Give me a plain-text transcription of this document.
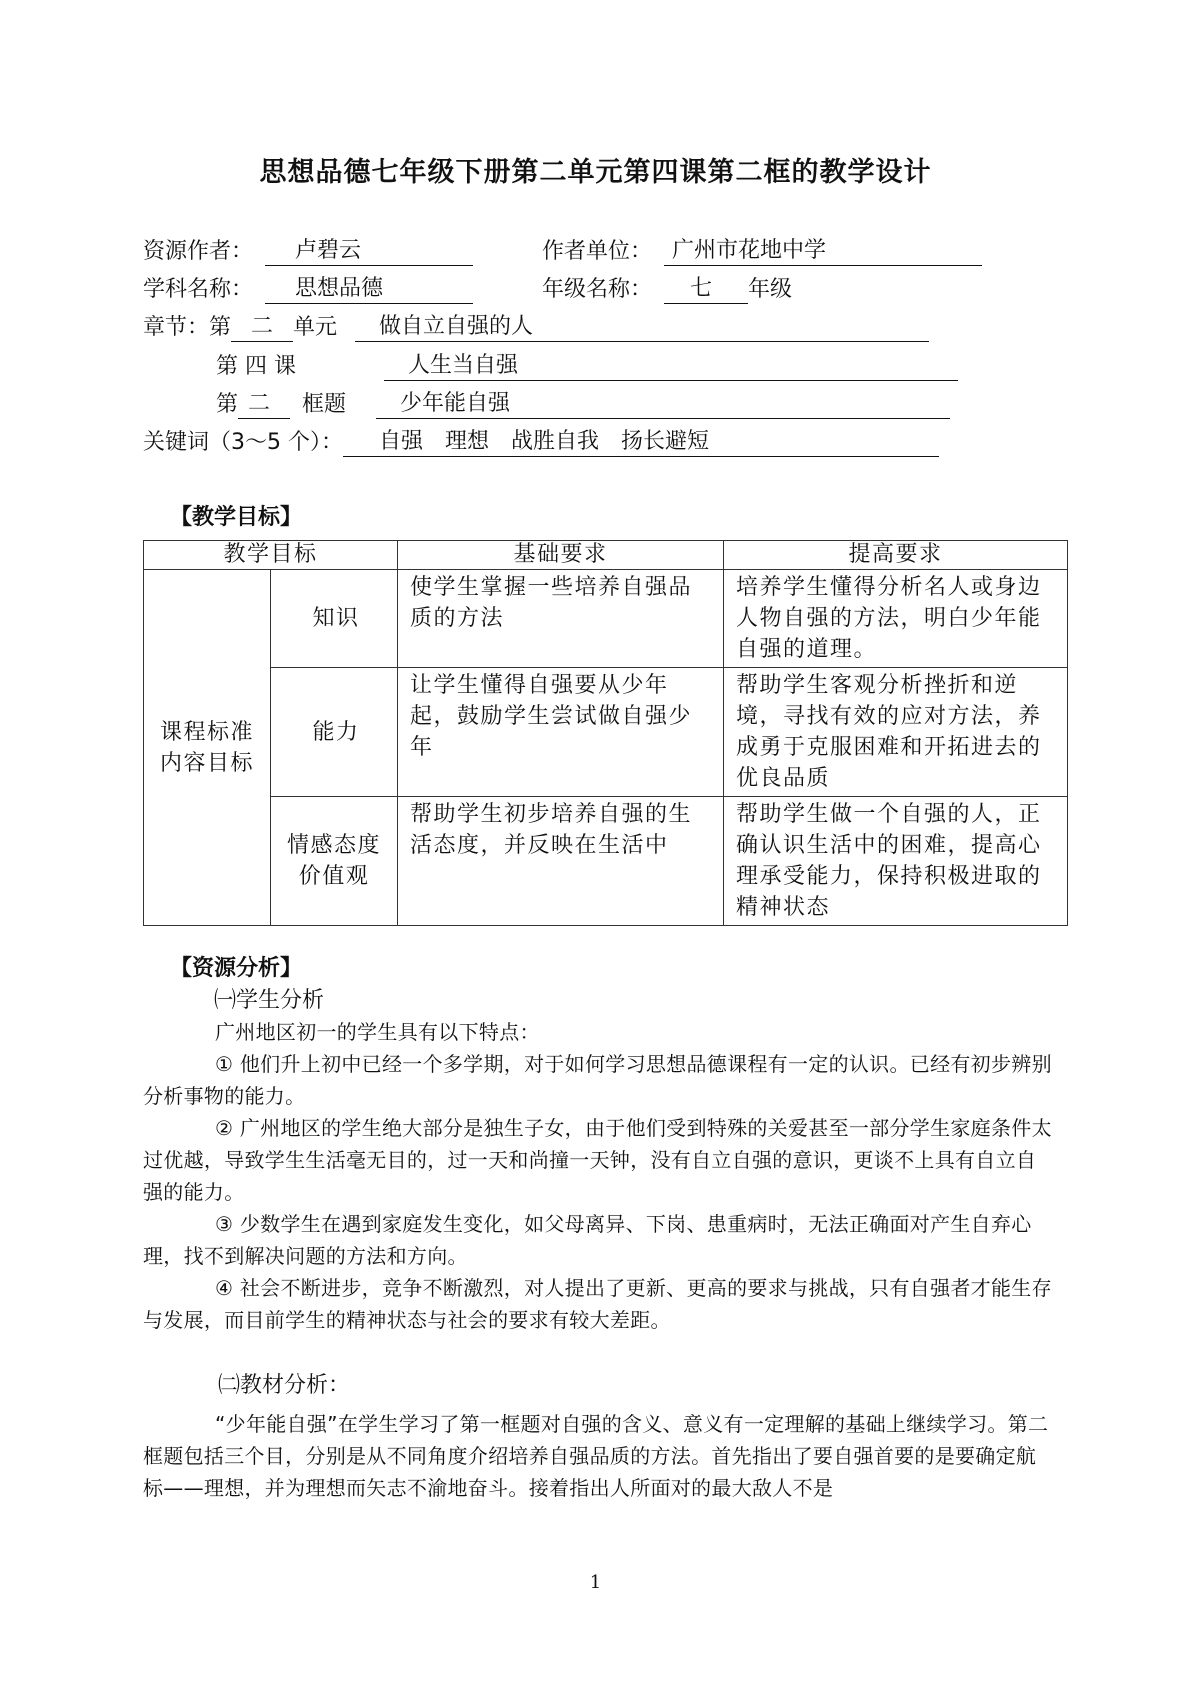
思想品德七年级下册第二单元第四课第二框的教学设计
资源作者： 卢碧云	作者单位： 广州市花地中学
学科名称： 思想品德	年级名称： 七 年级
章节：第 二 单元 做自立自强的人
第 四 课	人生当自强
第 二 框题 少年能自强
关键词（3～5 个）： 自强　理想　战胜自我　扬长避短
【教学目标】
教学目标		基础要求	提高要求
课程标准内容目标	知识	使学生掌握一些培养自强品质的方法	培养学生懂得分析名人或身边人物自强的方法，明白少年能自强的道理。
	能力	让学生懂得自强要从少年起，鼓励学生尝试做自强少年	帮助学生客观分析挫折和逆境，寻找有效的应对方法，养成勇于克服困难和开拓进去的优良品质
	情感态度价值观	帮助学生初步培养自强的生活态度，并反映在生活中	帮助学生做一个自强的人，正确认识生活中的困难，提高心理承受能力，保持积极进取的精神状态
【资源分析】
㈠学生分析
广州地区初一的学生具有以下特点：
① 他们升上初中已经一个多学期，对于如何学习思想品德课程有一定的认识。已经有初步辨别分析事物的能力。
② 广州地区的学生绝大部分是独生子女，由于他们受到特殊的关爱甚至一部分学生家庭条件太过优越，导致学生生活毫无目的，过一天和尚撞一天钟，没有自立自强的意识，更谈不上具有自立自强的能力。
③ 少数学生在遇到家庭发生变化，如父母离异、下岗、患重病时，无法正确面对产生自弃心理，找不到解决问题的方法和方向。
④ 社会不断进步，竞争不断激烈，对人提出了更新、更高的要求与挑战，只有自强者才能生存与发展，而目前学生的精神状态与社会的要求有较大差距。
㈡教材分析：
“少年能自强”在学生学习了第一框题对自强的含义、意义有一定理解的基础上继续学习。第二框题包括三个目，分别是从不同角度介绍培养自强品质的方法。首先指出了要自强首要的是要确定航标——理想，并为理想而矢志不渝地奋斗。接着指出人所面对的最大敌人不是
1
